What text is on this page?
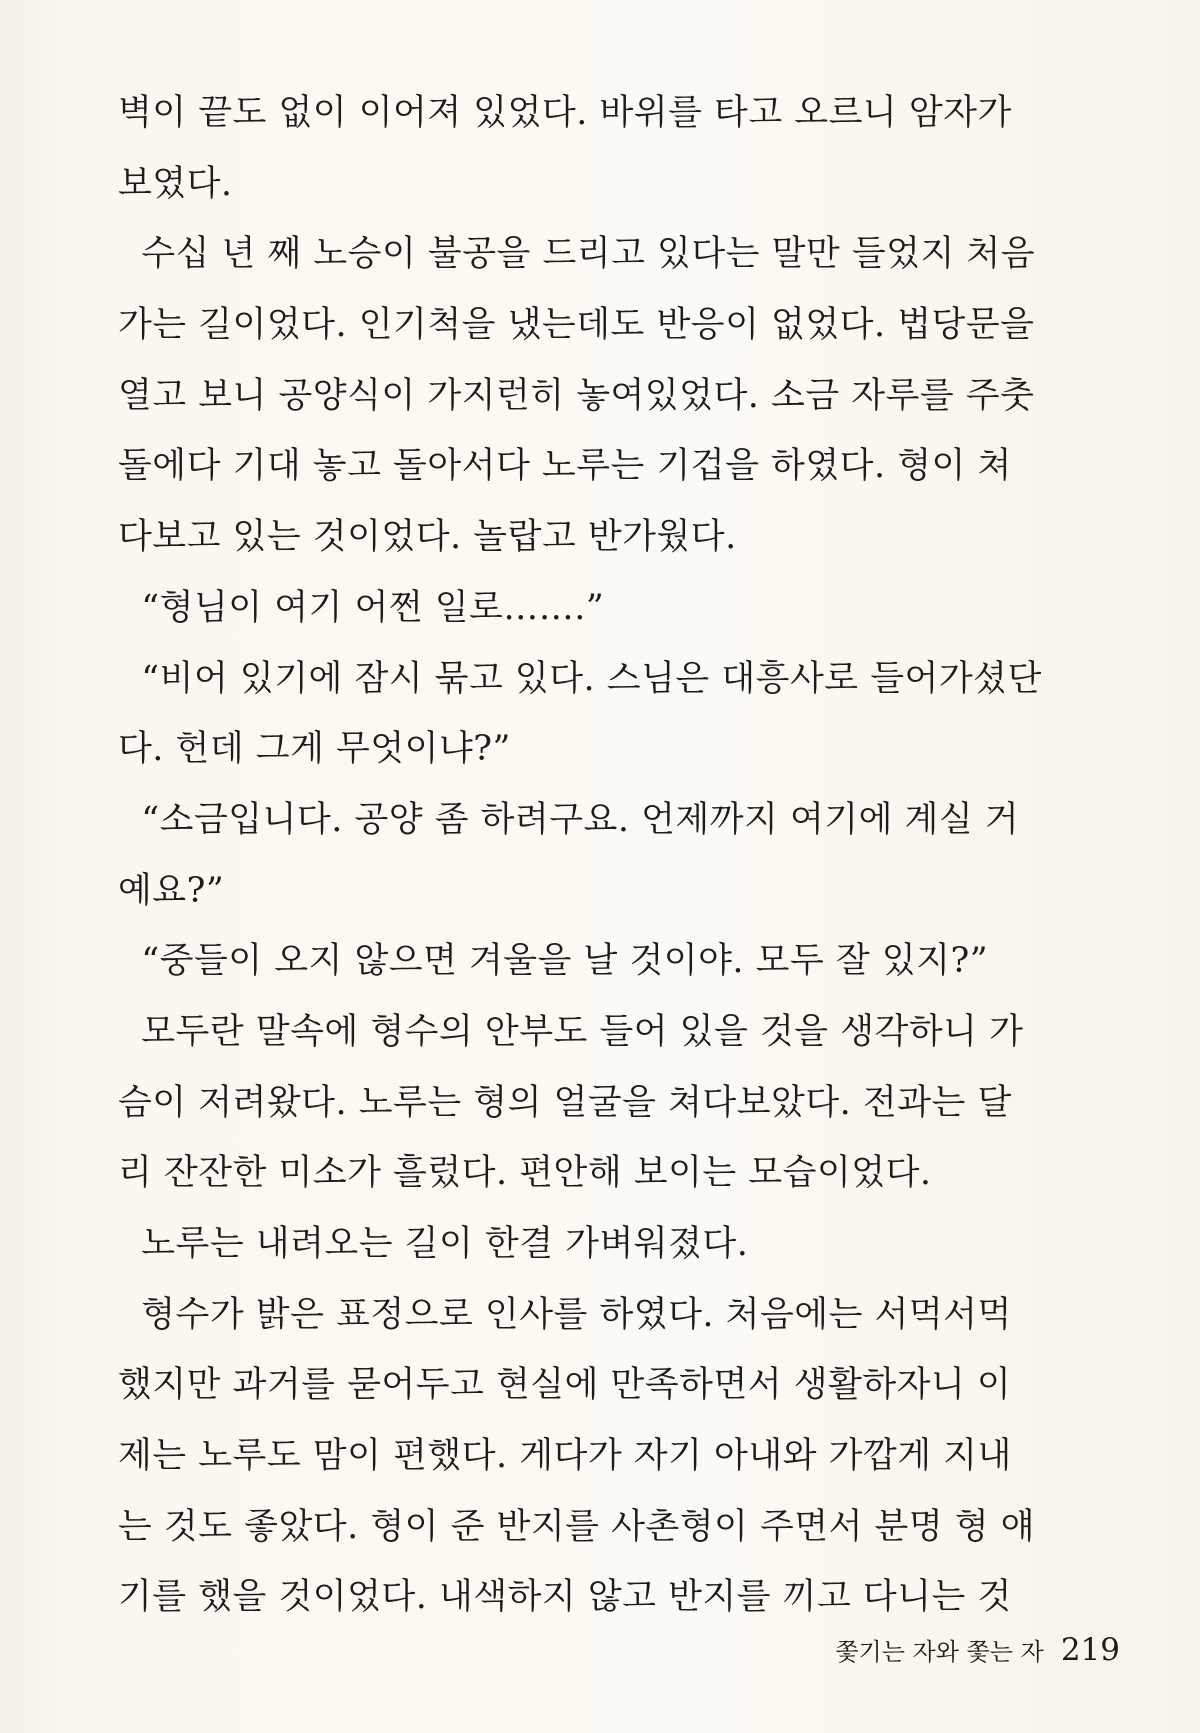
벽이 끝도 없이 이어져 있었다. 바위를 타고 오르니 암자가
보였다.
수십 년 째 노승이 불공을 드리고 있다는 말만 들었지 처음
가는 길이었다. 인기척을 냈는데도 반응이 없었다. 법당문을
열고 보니 공양식이 가지런히 놓여있었다. 소금 자루를 주춧
돌에다 기대 놓고 돌아서다 노루는 기겁을 하였다. 형이 쳐
다보고 있는 것이었다. 놀랍고 반가웠다.
“형님이 여기 어쩐 일로…….”
“비어 있기에 잠시 묶고 있다. 스님은 대흥사로 들어가셨단
다. 헌데 그게 무엇이냐?”
“소금입니다. 공양 좀 하려구요. 언제까지 여기에 계실 거
예요?”
“중들이 오지 않으면 겨울을 날 것이야. 모두 잘 있지?”
모두란 말속에 형수의 안부도 들어 있을 것을 생각하니 가
슴이 저려왔다. 노루는 형의 얼굴을 쳐다보았다. 전과는 달
리 잔잔한 미소가 흘렀다. 편안해 보이는 모습이었다.
노루는 내려오는 길이 한결 가벼워졌다.
형수가 밝은 표정으로 인사를 하였다. 처음에는 서먹서먹
했지만 과거를 묻어두고 현실에 만족하면서 생활하자니 이
제는 노루도 맘이 편했다. 게다가 자기 아내와 가깝게 지내
는 것도 좋았다. 형이 준 반지를 사촌형이 주면서 분명 형 얘
기를 했을 것이었다. 내색하지 않고 반지를 끼고 다니는 것
쫓기는 자와 쫓는 자 219
